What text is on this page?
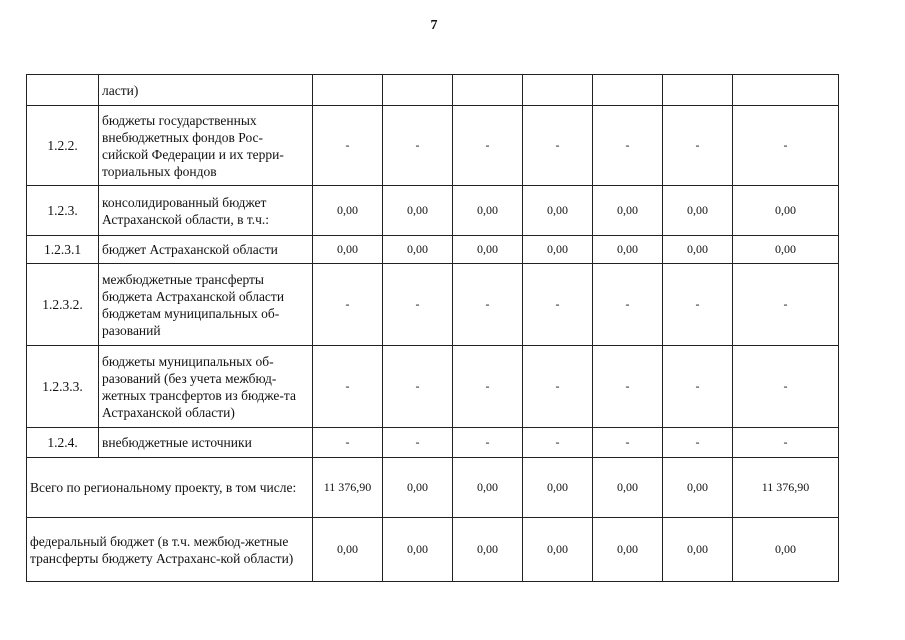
7
	ласти)							
1.2.2.	бюджеты государственных внебюджетных фондов Рос-сийской Федерации и их терри-ториальных фондов	-	-	-	-	-	-	-
1.2.3.	консолидированный бюджет Астраханской области, в т.ч.:	0,00	0,00	0,00	0,00	0,00	0,00	0,00
1.2.3.1	бюджет Астраханской области	0,00	0,00	0,00	0,00	0,00	0,00	0,00
1.2.3.2.	межбюджетные трансферты бюджета Астраханской области бюджетам муниципальных об-разований	-	-	-	-	-	-	-
1.2.3.3.	бюджеты муниципальных об-разований (без учета межбюд-жетных трансфертов из бюдже-та Астраханской области)	-	-	-	-	-	-	-
1.2.4.	внебюджетные источники	-	-	-	-	-	-	-
Всего по региональному проекту, в том числе:		11 376,90	0,00	0,00	0,00	0,00	0,00	11 376,90
федеральный бюджет (в т.ч. межбюд-жетные трансферты бюджету Астраханс-кой области)		0,00	0,00	0,00	0,00	0,00	0,00	0,00
